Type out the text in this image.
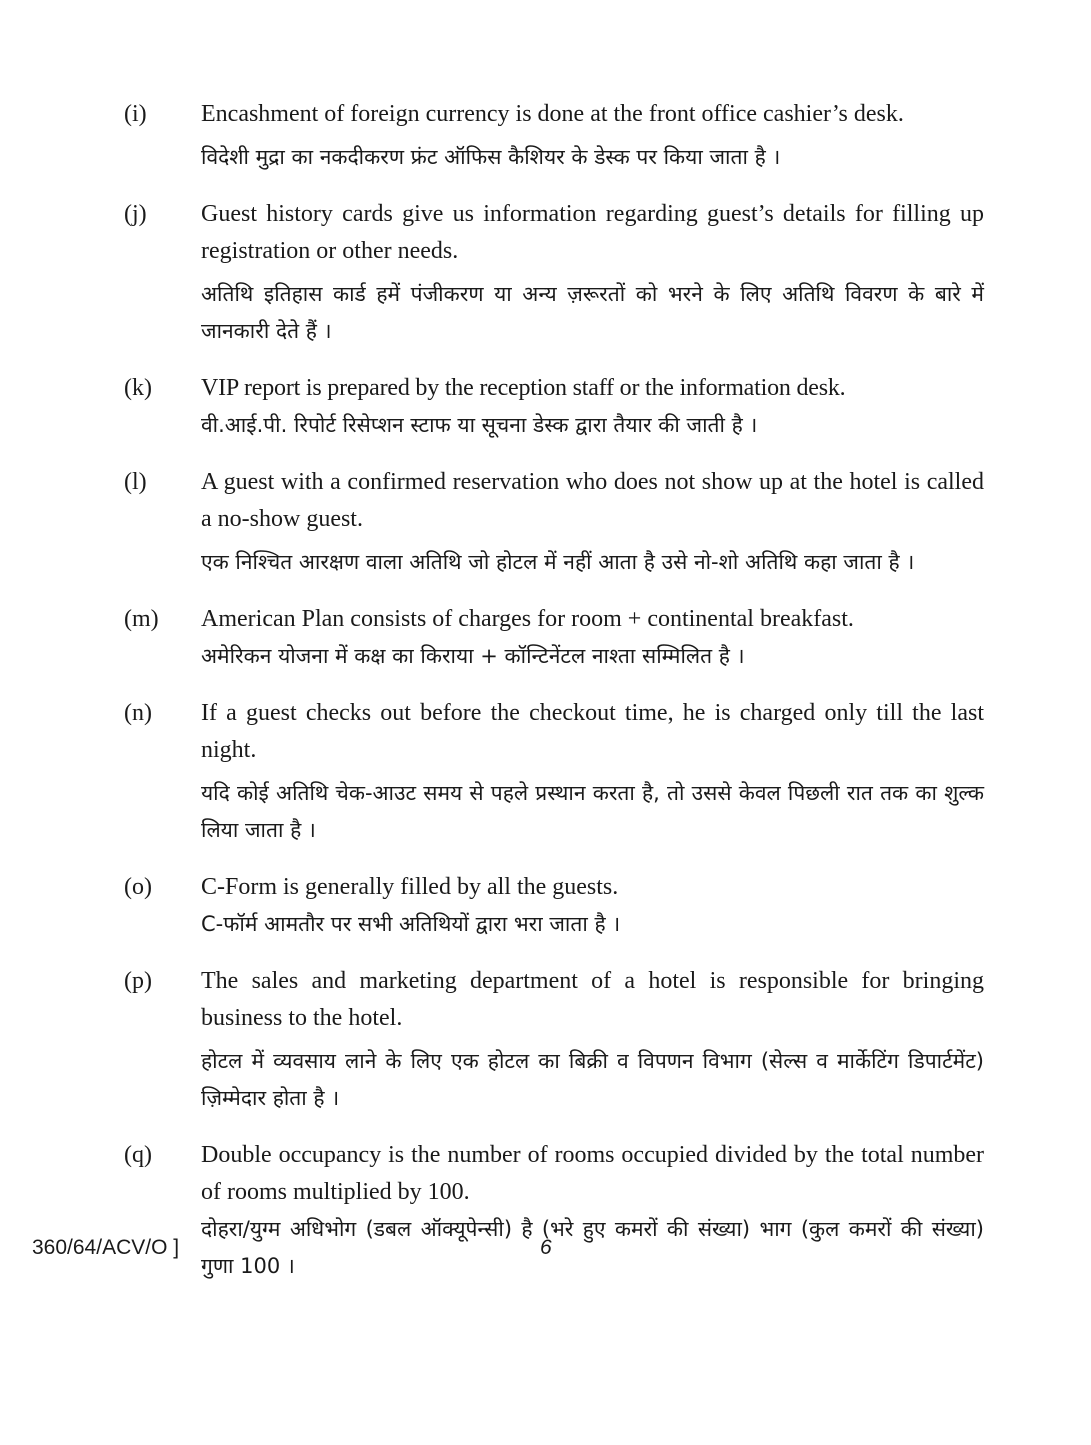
(i)	Encashment of foreign currency is done at the front office cashier’s desk.

विदेशी मुद्रा का नकदीकरण फ्रंट ऑफिस कैशियर के डेस्क पर किया जाता है ।

(j)	Guest history cards give us information regarding guest’s details for filling up registration or other needs.

अतिथि इतिहास कार्ड हमें पंजीकरण या अन्य ज़रूरतों को भरने के लिए अतिथि विवरण के बारे में जानकारी देते हैं ।

(k)	VIP report is prepared by the reception staff or the information desk.

वी.आई.पी. रिपोर्ट रिसेप्शन स्टाफ या सूचना डेस्क द्वारा तैयार की जाती है ।

(l)	A guest with a confirmed reservation who does not show up at the hotel is called a no-show guest.

एक निश्चित आरक्षण वाला अतिथि जो होटल में नहीं आता है उसे नो-शो अतिथि कहा जाता है ।

(m)	American Plan consists of charges for room + continental breakfast.

अमेरिकन योजना में कक्ष का किराया + कॉन्टिनेंटल नाश्ता सम्मिलित है ।

(n)	If a guest checks out before the checkout time, he is charged only till the last night.

यदि कोई अतिथि चेक-आउट समय से पहले प्रस्थान करता है, तो उससे केवल पिछली रात तक का शुल्क लिया जाता है ।

(o)	C-Form is generally filled by all the guests.

C-फॉर्म आमतौर पर सभी अतिथियों द्वारा भरा जाता है ।

(p)	The sales and marketing department of a hotel is responsible for bringing business to the hotel.

होटल में व्यवसाय लाने के लिए एक होटल का बिक्री व विपणन विभाग (सेल्स व मार्केटिंग डिपार्टमेंट) ज़िम्मेदार होता है ।

(q)	Double occupancy is the number of rooms occupied divided by the total number of rooms multiplied by 100.

दोहरा/युग्म अधिभोग (डबल ऑक्यूपेन्सी) है (भरे हुए कमरों की संख्या) भाग (कुल कमरों की संख्या) गुणा 100 ।

360/64/ACV/O ]	6
